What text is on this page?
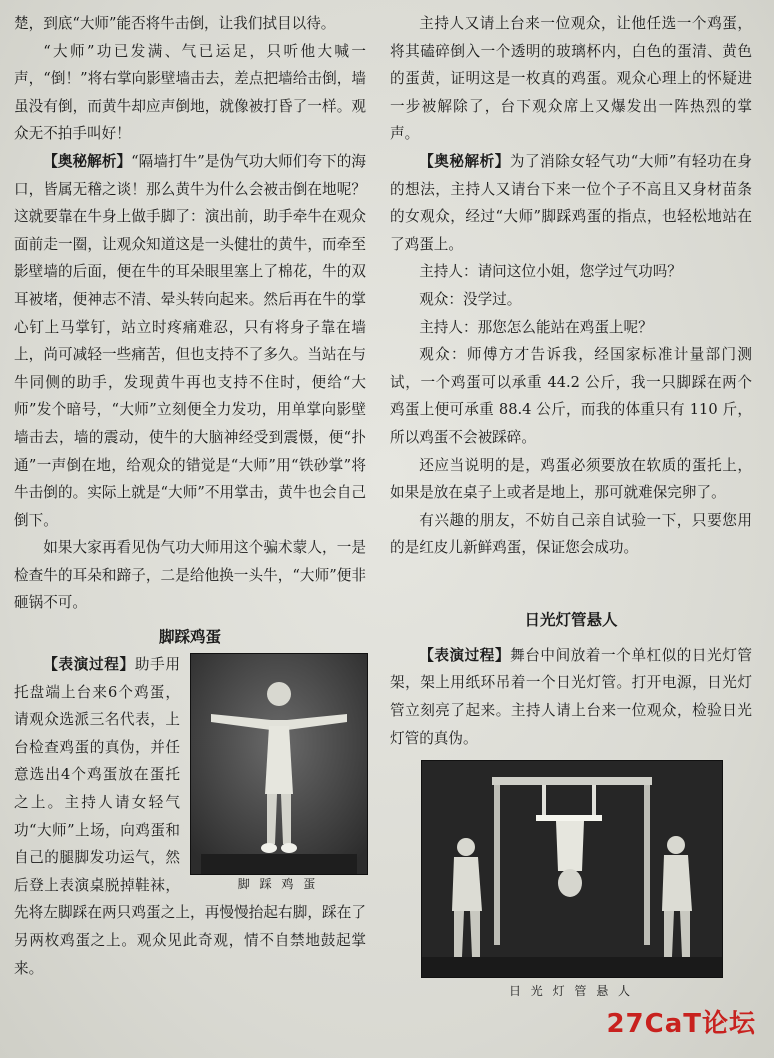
楚，到底“大师”能否将牛击倒，让我们拭目以待。

“大师”功已发满、气已运足，只听他大喊一声，“倒！”将右掌向影壁墙击去，差点把墙给击倒，墙虽没有倒，而黄牛却应声倒地，就像被打昏了一样。观众无不拍手叫好！

【奥秘解析】“隔墙打牛”是伪气功大师们夸下的海口，皆属无稽之谈！那么黄牛为什么会被击倒在地呢？这就要靠在牛身上做手脚了：演出前，助手牵牛在观众面前走一圈，让观众知道这是一头健壮的黄牛，而牵至影壁墙的后面，便在牛的耳朵眼里塞上了棉花，牛的双耳被堵，便神志不清、晕头转向起来。然后再在牛的掌心钉上马掌钉，站立时疼痛难忍，只有将身子靠在墙上，尚可减轻一些痛苦，但也支持不了多久。当站在与牛同侧的助手，发现黄牛再也支持不住时，便给“大师”发个暗号，“大师”立刻便全力发功，用单掌向影壁墙击去，墙的震动，使牛的大脑神经受到震慑，便“扑通”一声倒在地，给观众的错觉是“大师”用“铁砂掌”将牛击倒的。实际上就是“大师”不用掌击，黄牛也会自己倒下。

如果大家再看见伪气功大师用这个骗术蒙人，一是检查牛的耳朵和蹄子，二是给他换一头牛，“大师”便非砸锅不可。

脚踩鸡蛋
脚 踩 鸡 蛋

【表演过程】助手用托盘端上台来6个鸡蛋，请观众选派三名代表，上台检查鸡蛋的真伪，并任意选出4个鸡蛋放在蛋托之上。主持人请女轻气功“大师”上场，向鸡蛋和自己的腿脚发功运气，然后登上表演桌脱掉鞋袜，先将左脚踩在两只鸡蛋之上，再慢慢抬起右脚，踩在了另两枚鸡蛋之上。观众见此奇观，情不自禁地鼓起掌来。

主持人又请上台来一位观众，让他任选一个鸡蛋，将其磕碎倒入一个透明的玻璃杯内，白色的蛋清、黄色的蛋黄，证明这是一枚真的鸡蛋。观众心理上的怀疑进一步被解除了，台下观众席上又爆发出一阵热烈的掌声。

【奥秘解析】为了消除女轻气功“大师”有轻功在身的想法，主持人又请台下来一位个子不高且又身材苗条的女观众，经过“大师”脚踩鸡蛋的指点，也轻松地站在了鸡蛋上。

主持人：请问这位小姐，您学过气功吗？

观众：没学过。

主持人：那您怎么能站在鸡蛋上呢？

观众：师傅方才告诉我，经国家标准计量部门测试，一个鸡蛋可以承重 44.2 公斤，我一只脚踩在两个鸡蛋上便可承重 88.4 公斤，而我的体重只有 110 斤，所以鸡蛋不会被踩碎。

还应当说明的是，鸡蛋必须要放在软质的蛋托上，如果是放在桌子上或者是地上，那可就难保完卵了。

有兴趣的朋友，不妨自己亲自试验一下，只要您用的是红皮儿新鲜鸡蛋，保证您会成功。

日光灯管悬人

【表演过程】舞台中间放着一个单杠似的日光灯管架，架上用纸环吊着一个日光灯管。打开电源，日光灯管立刻亮了起来。主持人请上台来一位观众，检验日光灯管的真伪。

日 光 灯 管 悬 人
27CaT论坛
